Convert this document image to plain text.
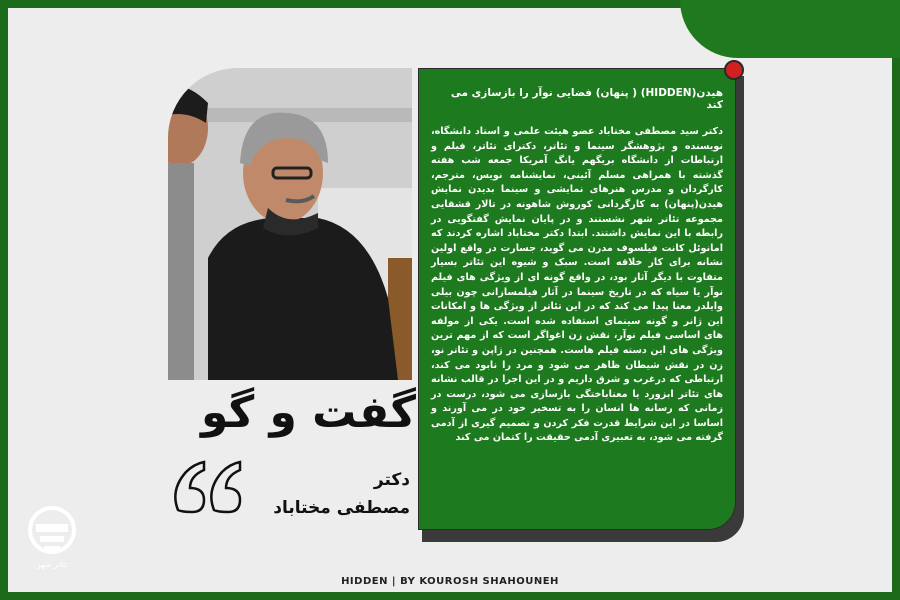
هیدن(HIDDEN) ( پنهان) فضایی نوآر را بازسازی می کند
دکتر سید مصطفی مختاباد عضو هیئت علمی و استاد دانشگاه، نویسنده و پژوهشگر سینما و تئاتر، دکترای تئاتر، فیلم و ارتباطات از دانشگاه بریگهم یانگ آمریکا جمعه شب هفته گذشته با همراهی مسلم آئینی، نمایشنامه نویس، مترجم، کارگردان و مدرس هنرهای نمایشی و سینما بدیدن نمایش هیدن(پنهان) به کارگردانی کوروش شاهونه در تالار قشقایی مجموعه تئاتر شهر نشستند و در پایان نمایش گفتگویی در رابطه با این نمایش داشتند. ابتدا دکتر مختاباد اشاره کردند که امانوئل کانت فیلسوف مدرن می گوید، جسارت در واقع اولین نشانه برای کار خلاقه است. سبک و شیوه این تئاتر بسیار متفاوت با دیگر آثار بود، در واقع گونه ای از ویژگی های فیلم نوآر یا سیاه که در تاریخ سینما در آثار فیلمسازانی چون بیلی وایلدر معنا پیدا می کند که در این تئاتر از ویژگی ها و امکانات این ژانر و گونه سینمای استفاده شده است. یکی از مولفه های اساسی فیلم نوآر، نقش زن اغواگر است که از مهم ترین ویژگی های این دسته فیلم هاست. همچنین در ژاپن و تئاتر نو، زن در نقش شیطان ظاهر می شود و مرد را نابود می کند، ارتباطی که درغرب و شرق داریم و در این اجرا در قالب نشانه های تئاتر ابزورد یا معنابا‌ختگی بازسازی می شود، درست در زمانی که رسانه ها انسان را به تسخیر خود در می آورند و اساسا در این شرایط قدرت فکر کردن و تصمیم گیری از آدمی گرفته می شود، به تعبیری آدمی حقیقت را کتمان می کند
گفت و گو
دکتر
مصطفی مختاباد
تئاتر شهر
HIDDEN | BY KOUROSH SHAHOUNEH
